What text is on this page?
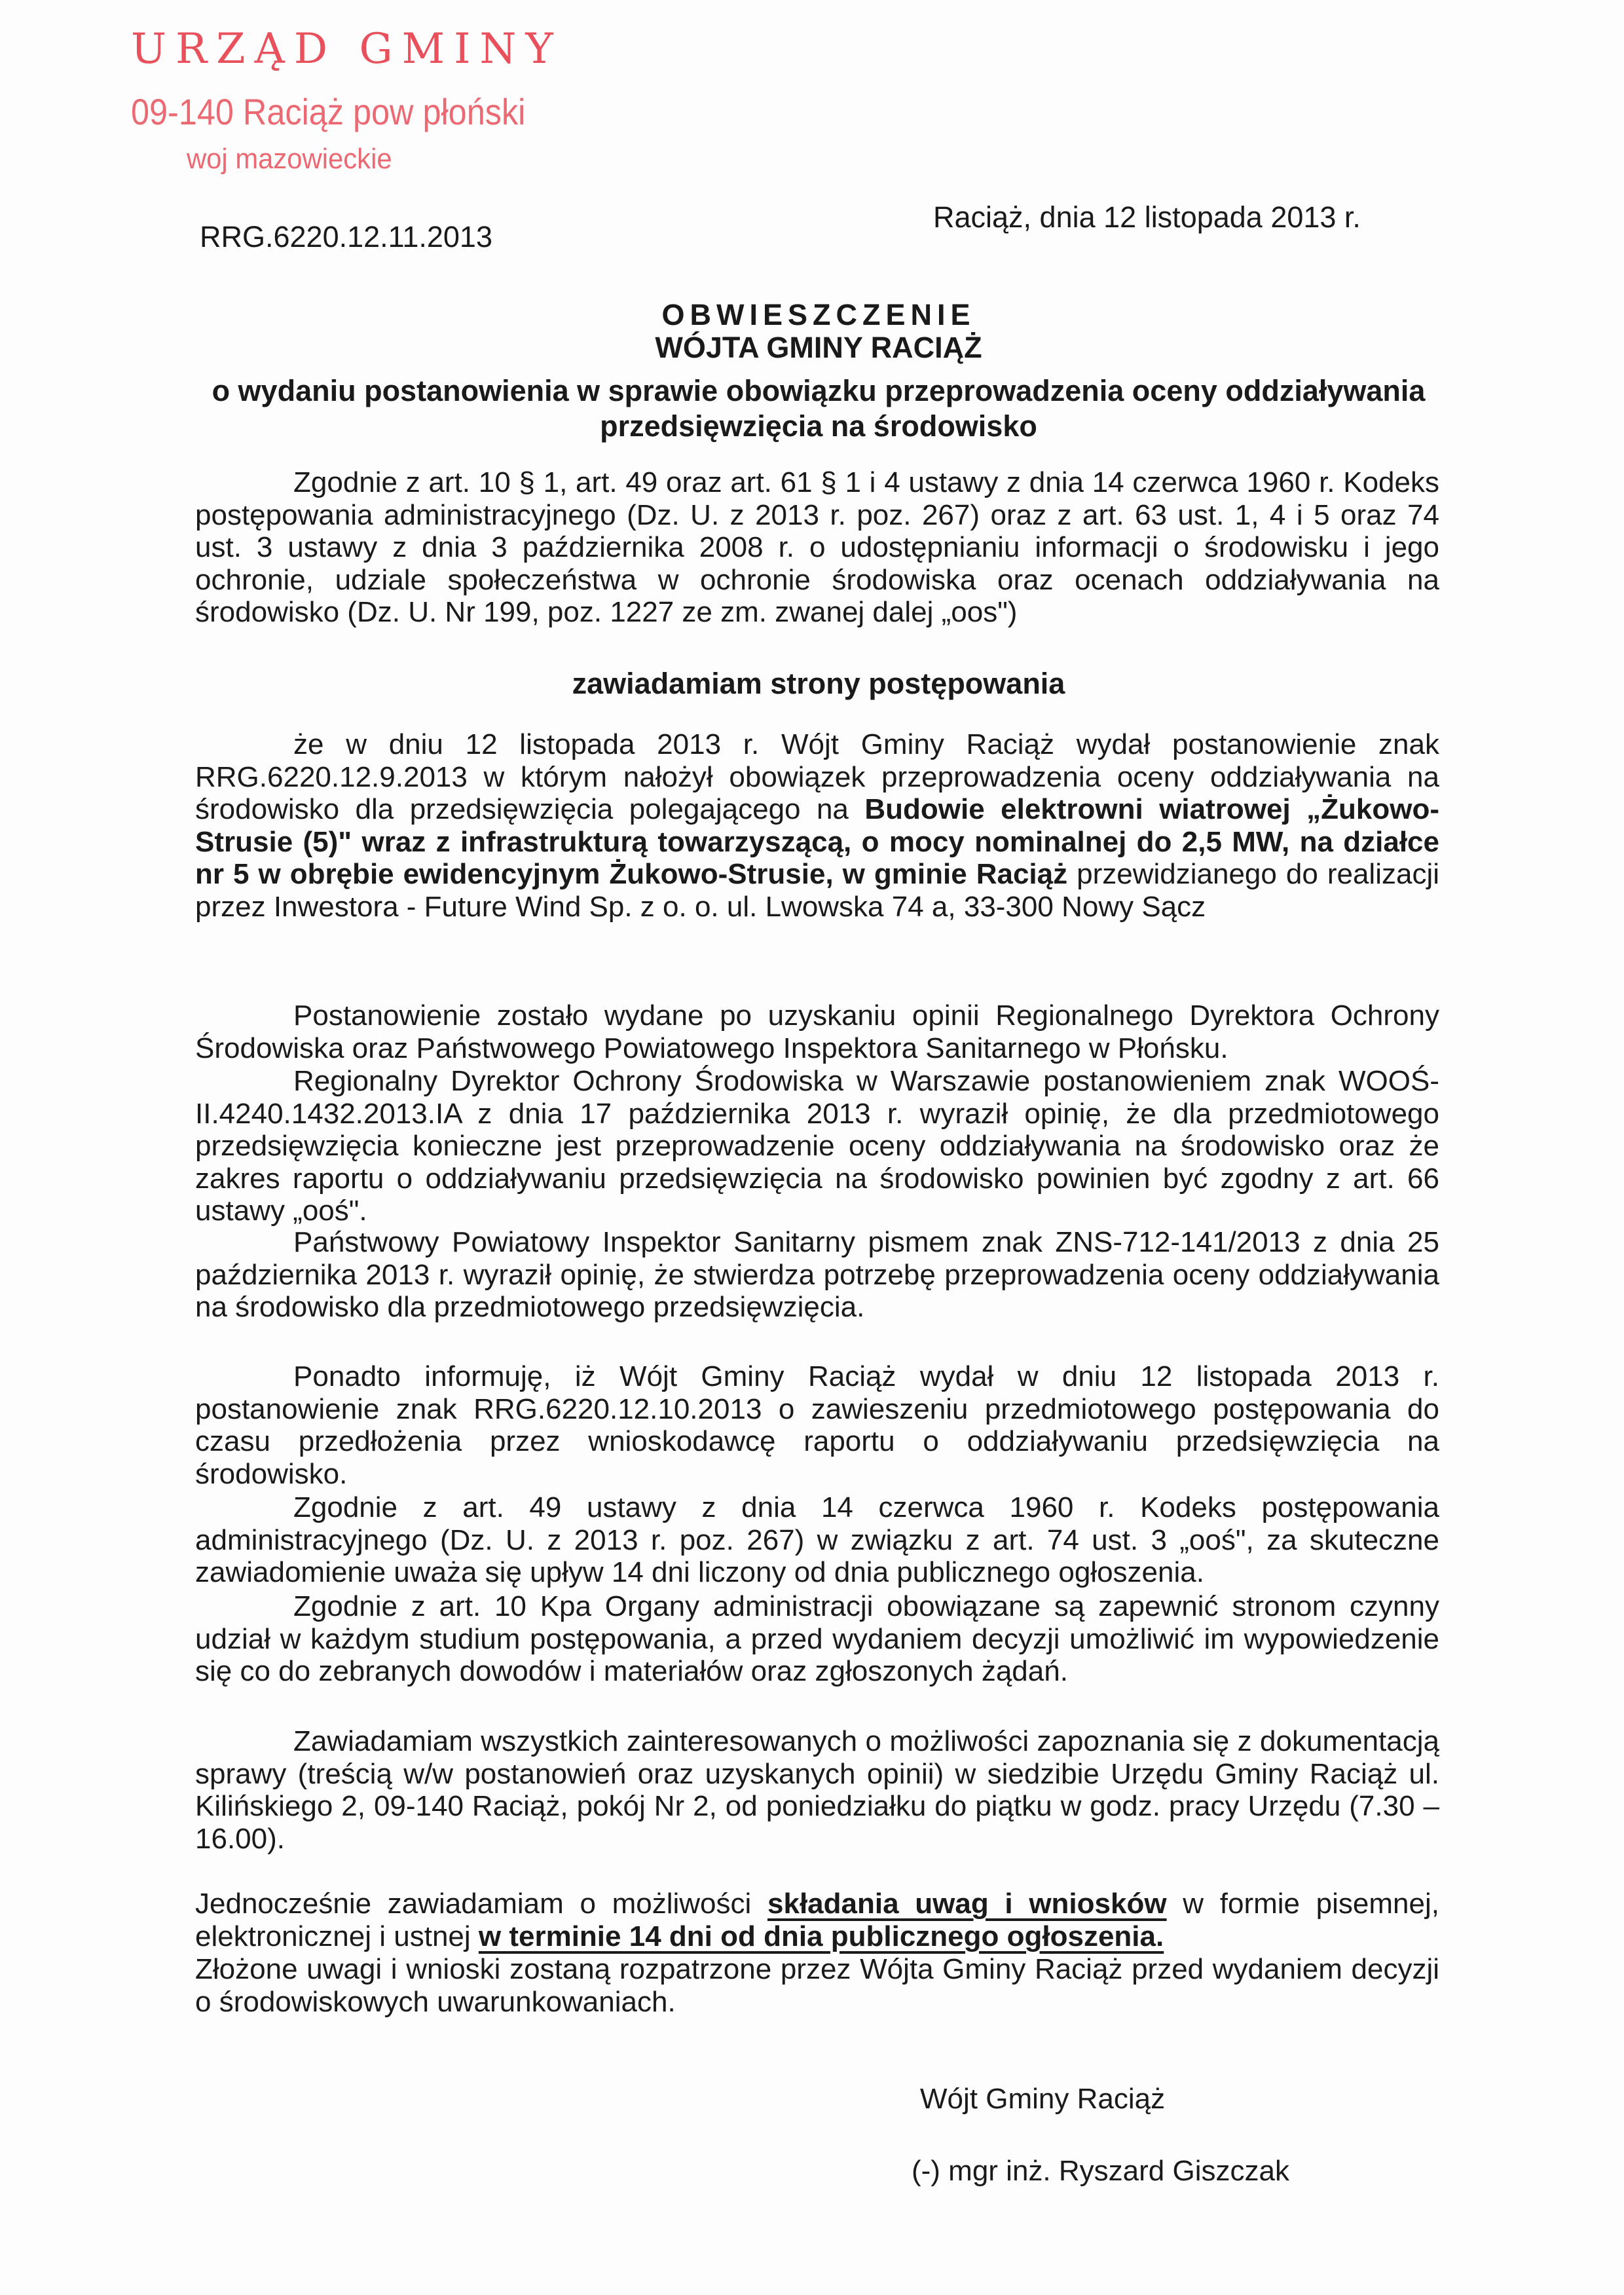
URZĄD GMINY
09-140 Raciąż pow płoński
woj mazowieckie
RRG.6220.12.11.2013
Raciąż, dnia 12 listopada 2013 r.
OBWIESZCZENIE
WÓJTA GMINY RACIĄŻ
o wydaniu postanowienia w sprawie obowiązku przeprowadzenia oceny oddziaływania przedsięwzięcia na środowisko
Zgodnie z art. 10 § 1, art. 49 oraz art. 61 § 1 i 4 ustawy z dnia 14 czerwca 1960 r. Kodeks postępowania administracyjnego (Dz. U. z 2013 r. poz. 267) oraz z art. 63 ust. 1, 4 i 5 oraz 74 ust. 3 ustawy z dnia 3 października 2008 r. o udostępnianiu informacji o środowisku i jego ochronie, udziale społeczeństwa w ochronie środowiska oraz ocenach oddziaływania na środowisko (Dz. U. Nr 199, poz. 1227 ze zm. zwanej dalej „oos")
zawiadamiam strony postępowania
że w dniu 12 listopada 2013 r. Wójt Gminy Raciąż wydał postanowienie znak RRG.6220.12.9.2013 w którym nałożył obowiązek przeprowadzenia oceny oddziaływania na środowisko dla przedsięwzięcia polegającego na Budowie elektrowni wiatrowej „Żukowo-Strusie (5)" wraz z infrastrukturą towarzyszącą, o mocy nominalnej do 2,5 MW, na działce nr 5 w obrębie ewidencyjnym Żukowo-Strusie, w gminie Raciąż przewidzianego do realizacji przez Inwestora - Future Wind Sp. z o. o. ul. Lwowska 74 a, 33-300 Nowy Sącz
Postanowienie zostało wydane po uzyskaniu opinii Regionalnego Dyrektora Ochrony Środowiska oraz Państwowego Powiatowego Inspektora Sanitarnego w Płońsku.
Regionalny Dyrektor Ochrony Środowiska w Warszawie postanowieniem znak WOOŚ-II.4240.1432.2013.IA z dnia 17 października 2013 r. wyraził opinię, że dla przedmiotowego przedsięwzięcia konieczne jest przeprowadzenie oceny oddziaływania na środowisko oraz że zakres raportu o oddziaływaniu przedsięwzięcia na środowisko powinien być zgodny z art. 66 ustawy „ooś".
Państwowy Powiatowy Inspektor Sanitarny pismem znak ZNS-712-141/2013 z dnia 25 października 2013 r. wyraził opinię, że stwierdza potrzebę przeprowadzenia oceny oddziaływania na środowisko dla przedmiotowego przedsięwzięcia.
Ponadto informuję, iż Wójt Gminy Raciąż wydał w dniu 12 listopada 2013 r. postanowienie znak RRG.6220.12.10.2013 o zawieszeniu przedmiotowego postępowania do czasu przedłożenia przez wnioskodawcę raportu o oddziaływaniu przedsięwzięcia na środowisko.
Zgodnie z art. 49 ustawy z dnia 14 czerwca 1960 r. Kodeks postępowania administracyjnego (Dz. U. z 2013 r. poz. 267) w związku z art. 74 ust. 3 „ooś", za skuteczne zawiadomienie uważa się upływ 14 dni liczony od dnia publicznego ogłoszenia.
Zgodnie z art. 10 Kpa Organy administracji obowiązane są zapewnić stronom czynny udział w każdym studium postępowania, a przed wydaniem decyzji umożliwić im wypowiedzenie się co do zebranych dowodów i materiałów oraz zgłoszonych żądań.
Zawiadamiam wszystkich zainteresowanych o możliwości zapoznania się z dokumentacją sprawy (treścią w/w postanowień oraz uzyskanych opinii) w siedzibie Urzędu Gminy Raciąż ul. Kilińskiego 2, 09-140 Raciąż, pokój Nr 2, od poniedziałku do piątku w godz. pracy Urzędu (7.30 – 16.00).
Jednocześnie zawiadamiam o możliwości składania uwag i wniosków w formie pisemnej, elektronicznej i ustnej w terminie 14 dni od dnia publicznego ogłoszenia.
Złożone uwagi i wnioski zostaną rozpatrzone przez Wójta Gminy Raciąż przed wydaniem decyzji o środowiskowych uwarunkowaniach.
Wójt Gminy Raciąż
(-) mgr inż. Ryszard Giszczak
